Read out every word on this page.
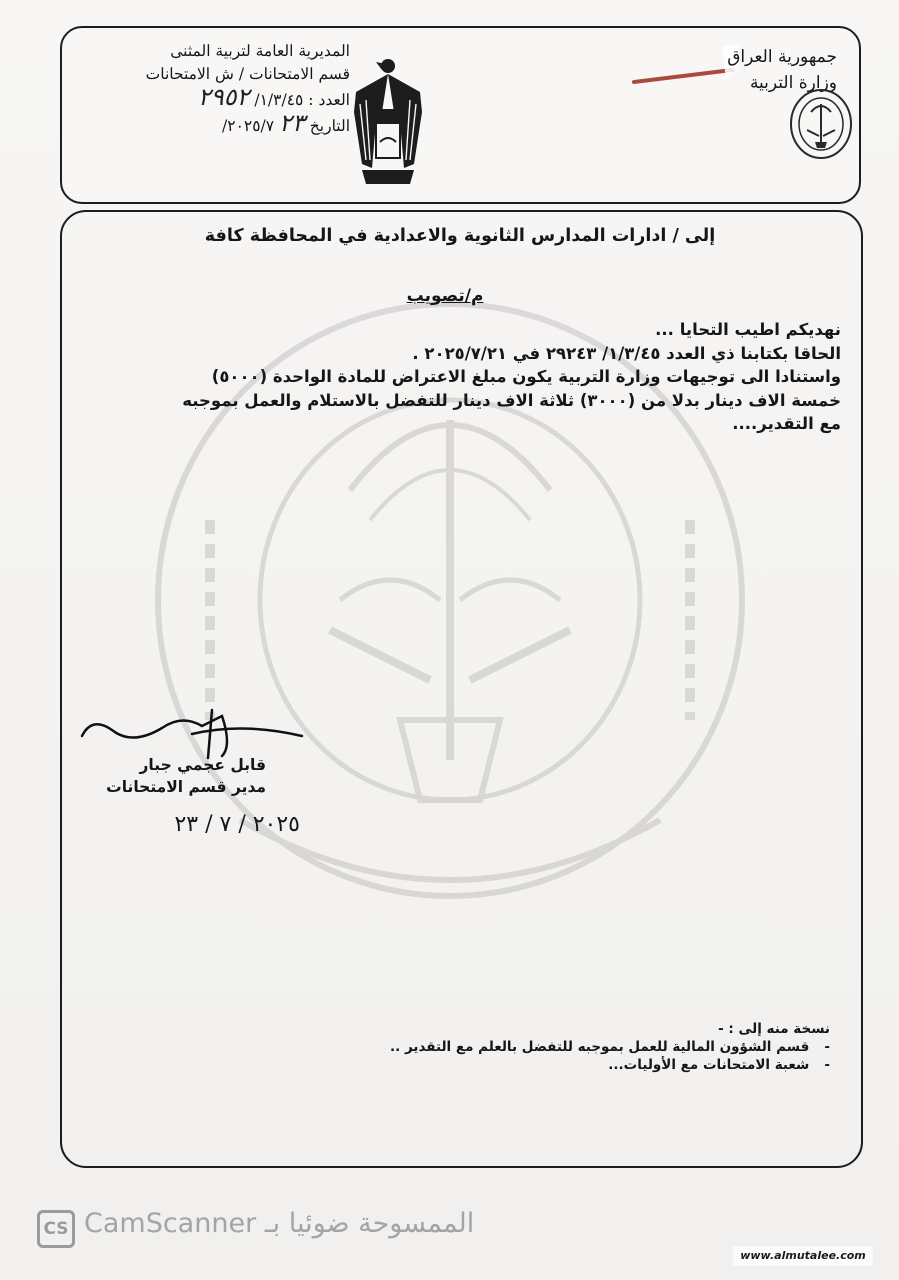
جمهورية العراق
وزارة التربية
المديرية العامة لتربية المثنى
قسم الامتحانات / ش الامتحانات
العدد : ١/٣/٤٥/ ٢٩٥٢
التاريخ ٢٣ ٢٠٢٥/٧/
إلى / ادارات المدارس الثانوية والاعدادية في المحافظة كافة
م/تصويب
نهديكم اطيب التحايا ...
الحاقا بكتابنا ذي العدد ١/٣/٤٥/ ٢٩٢٤٣ في ٢٠٢٥/٧/٢١ .
واستنادا الى توجيهات وزارة التربية يكون مبلغ الاعتراض للمادة الواحدة (٥٠٠٠)
خمسة الاف دينار بدلا من (٣٠٠٠) ثلاثة الاف دينار للتفضل بالاستلام والعمل بموجبه
مع التقدير....
قابل عجمي جبار
مدير قسم الامتحانات
٢٠٢٥ / ٧ / ٢٣
نسخة منه إلى : -
- قسم الشؤون المالية للعمل بموجبه للتفضل بالعلم مع التقدير ..
- شعبة الامتحانات مع الأوليات...
CS CamScanner الممسوحة ضوئيا بـ
www.almutalee.com
